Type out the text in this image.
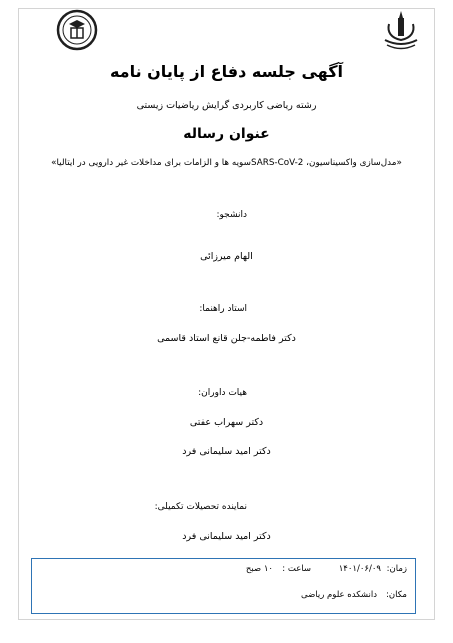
آگهی جلسه دفاع از پایان نامه
رشته ریاضی کاربردی گرایش ریاضیات زیستی
عنوان رساله
«مدل‌سازی واکسیناسیون، SARS-CoV-2سویه ها و الزامات برای مداخلات غیر دارویی در ایتالیا»
دانشجو:
الهام میرزائی
استاد راهنما:
دکتر فاطمه-جلن قانع استاد قاسمی
هیات داوران:
دکتر سهراب عفتی
دکتر امید سلیمانی فرد
نماینده تحصیلات تکمیلی:
دکتر امید سلیمانی فرد
زمان:
۱۴۰۱/۰۶/۰۹
ساعت :
۱۰ صبح
مکان:
دانشکده علوم ریاضی
